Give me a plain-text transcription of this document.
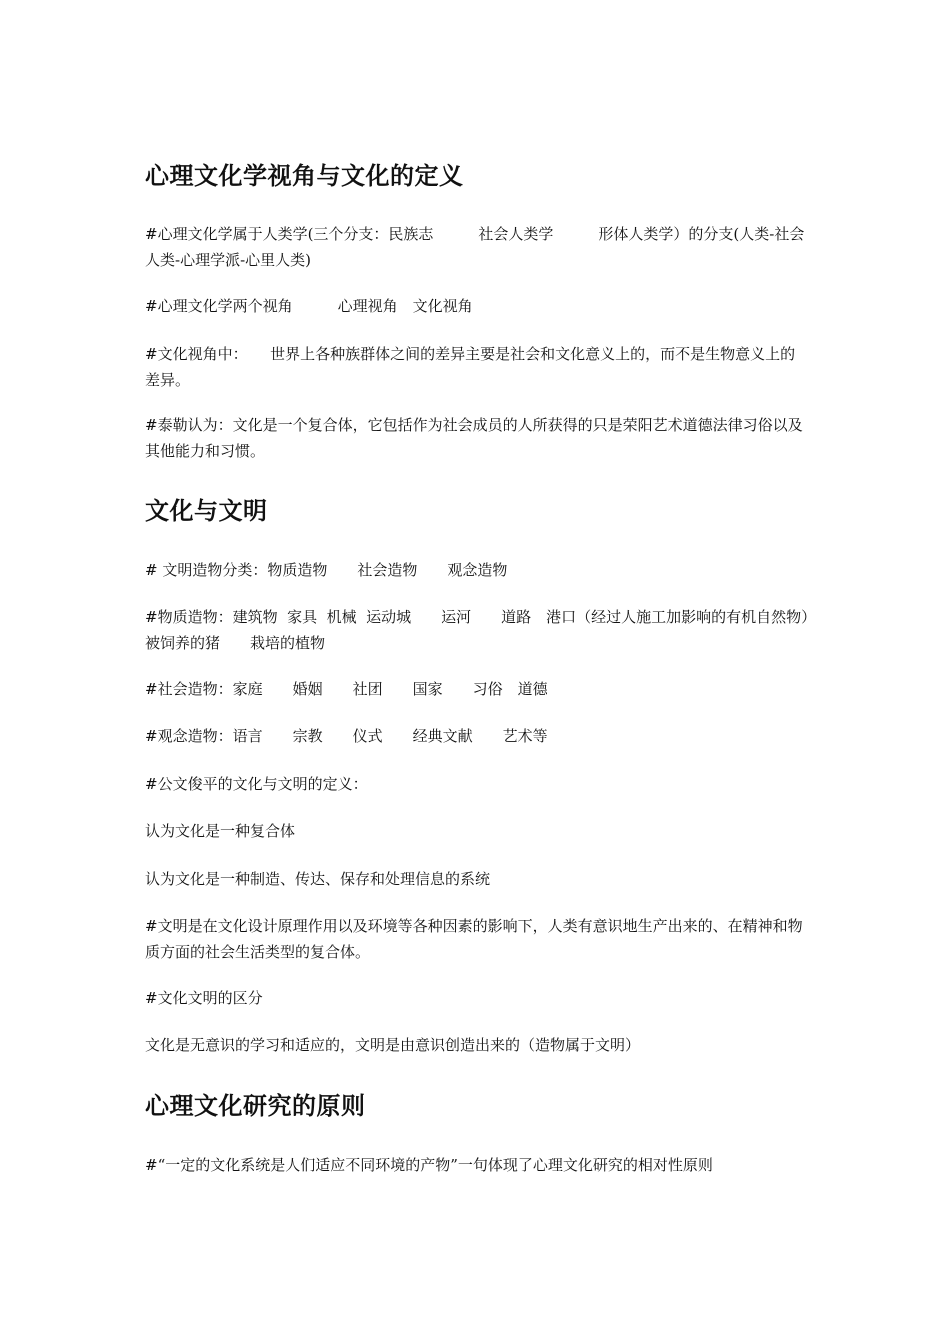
心理文化学视角与文化的定义

#心理文化学属于人类学(三个分支：民族志　　　社会人类学　　　形体人类学）的分支(人类-社会人类-心理学派-心里人类)

#心理文化学两个视角　　　心理视角　文化视角

#文化视角中：　　世界上各种族群体之间的差异主要是社会和文化意义上的，而不是生物意义上的差异。

#泰勒认为：文化是一个复合体，它包括作为社会成员的人所获得的只是荣阳艺术道德法律习俗以及其他能力和习惯。

文化与文明

# 文明造物分类：物质造物　　社会造物　　观念造物

#物质造物：建筑物  家具  机械  运动城　　运河　　道路　港口（经过人施工加影响的有机自然物）被饲养的猪　　栽培的植物

#社会造物：家庭　　婚姻　　社团　　国家　　习俗　道德

#观念造物：语言　　宗教　　仪式　　经典文献　　艺术等

#公文俊平的文化与文明的定义：

认为文化是一种复合体

认为文化是一种制造、传达、保存和处理信息的系统

#文明是在文化设计原理作用以及环境等各种因素的影响下，人类有意识地生产出来的、在精神和物质方面的社会生活类型的复合体。

#文化文明的区分

文化是无意识的学习和适应的，文明是由意识创造出来的（造物属于文明）

心理文化研究的原则

#“一定的文化系统是人们适应不同环境的产物”一句体现了心理文化研究的相对性原则
